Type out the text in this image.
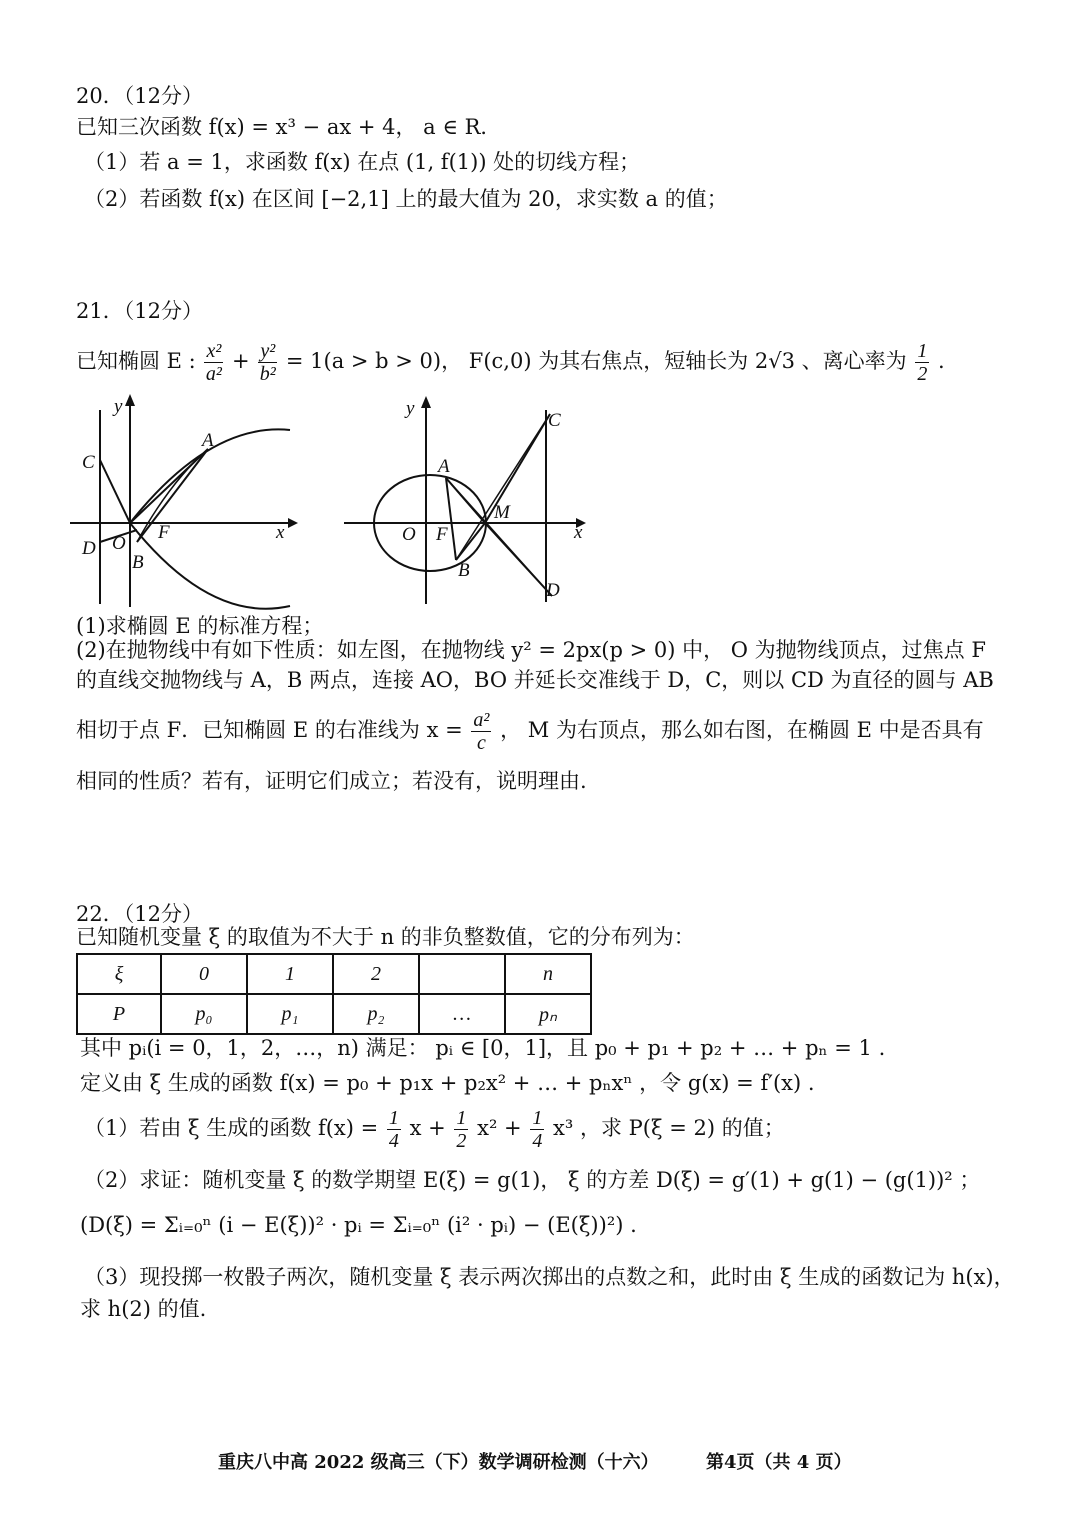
20．（12分）
已知三次函数 f(x) = x³ − ax + 4， a ∈ R．
（1）若 a = 1，求函数 f(x) 在点 (1, f(1)) 处的切线方程；
（2）若函数 f(x) 在区间 [−2,1] 上的最大值为 20，求实数 a 的值；
21．（12分）
已知椭圆 E : $\frac{\text{x²}}{\text{a²}} + \frac{\text{y²}}{\text{b²}} = 1(a > b > 0)$， F(c,0) 为其右焦点，短轴长为 2√3 、离心率为 $\frac{1}{2}$ .
y
C
A
D O
F
B
x
y
A
O F
M
B
C
D
x
(1)求椭圆 E 的标准方程；
(2)在抛物线中有如下性质：如左图，在抛物线 y² = 2px(p > 0) 中， O 为抛物线顶点，过焦点 F
的直线交抛物线与 A，B 两点，连接 AO，BO 并延长交准线于 D，C，则以 CD 为直径的圆与 AB
相切于点 F．已知椭圆 E 的右准线为 $x = \frac{\text{a²}}{c}$ ， M 为右顶点，那么如右图，在椭圆 E 中是否具有
相同的性质？若有，证明它们成立；若没有，说明理由.
22．（12分）
已知随机变量 ξ 的取值为不大于 n 的非负整数值，它的分布列为：
ξ	0	1	2		n
P	p₀	p₁	p₂	…	pₙ
其中 pᵢ(i = 0，1，2，…，n) 满足： pᵢ ∈ [0，1]，且 p₀ + p₁ + p₂ + … + pₙ = 1 .
定义由 ξ 生成的函数 f(x) = p₀ + p₁x + p₂x² + … + pₙxⁿ ，令 g(x) = f′(x) .
（1）若由 ξ 生成的函数 $f(x) = \frac{1}{4}$ $x + \frac{1}{2} x^2 + \frac{1}{4} x^3$ ，求 P(ξ = 2) 的值；
（2）求证：随机变量 ξ 的数学期望 E(ξ) = g(1)， ξ 的方差 D(ξ) = g′(1) + g(1) − (g(1))² ；
(D(ξ) = Σᵢ₌₀ⁿ (i − E(ξ))² · pᵢ = Σᵢ₌₀ⁿ (i² · pᵢ) − (E(ξ))²) .
（3）现投掷一枚骰子两次，随机变量 ξ 表示两次掷出的点数之和，此时由 ξ 生成的函数记为 h(x)，
求 h(2) 的值.
重庆八中高 2022 级高三（下）数学调研检测（十六）	第4页（共 4 页）
